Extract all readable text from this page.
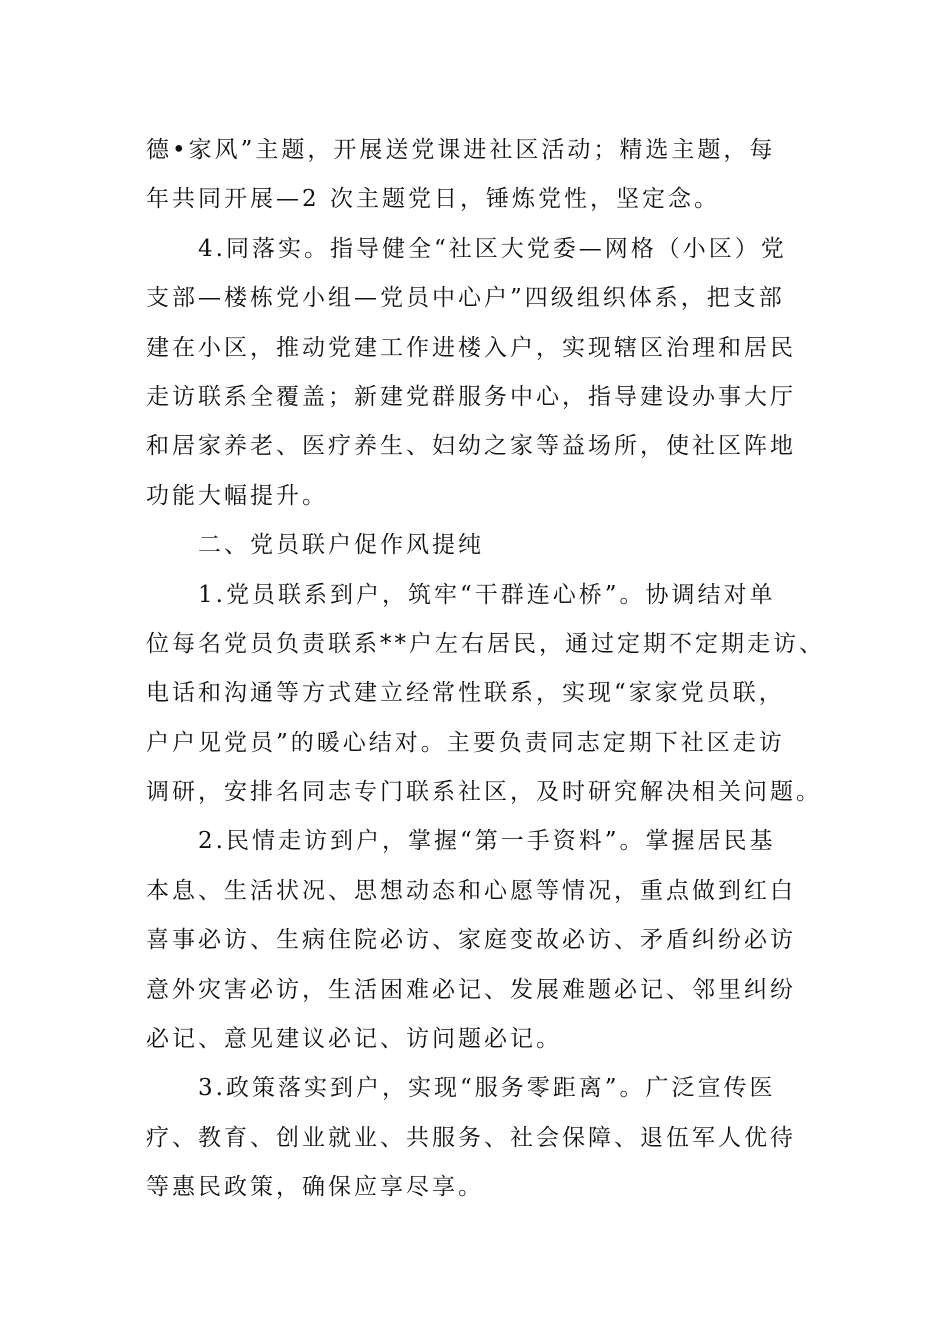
德•家风”主题，开展送党课进社区活动；精选主题，每
年共同开展—2 次主题党日，锤炼党性，坚定念。
4.同落实。指导健全“社区大党委—网格（小区）党
支部—楼栋党小组—党员中心户”四级组织体系，把支部
建在小区，推动党建工作进楼入户，实现辖区治理和居民
走访联系全覆盖；新建党群服务中心，指导建设办事大厅
和居家养老、医疗养生、妇幼之家等益场所，使社区阵地
功能大幅提升。
二、党员联户促作风提纯
1.党员联系到户，筑牢“干群连心桥”。协调结对单
位每名党员负责联系**户左右居民，通过定期不定期走访、
电话和沟通等方式建立经常性联系，实现“家家党员联，
户户见党员”的暖心结对。主要负责同志定期下社区走访
调研，安排名同志专门联系社区，及时研究解决相关问题。
2.民情走访到户，掌握“第一手资料”。掌握居民基
本息、生活状况、思想动态和心愿等情况，重点做到红白
喜事必访、生病住院必访、家庭变故必访、矛盾纠纷必访
意外灾害必访，生活困难必记、发展难题必记、邻里纠纷
必记、意见建议必记、访问题必记。
3.政策落实到户，实现“服务零距离”。广泛宣传医
疗、教育、创业就业、共服务、社会保障、退伍军人优待
等惠民政策，确保应享尽享。
